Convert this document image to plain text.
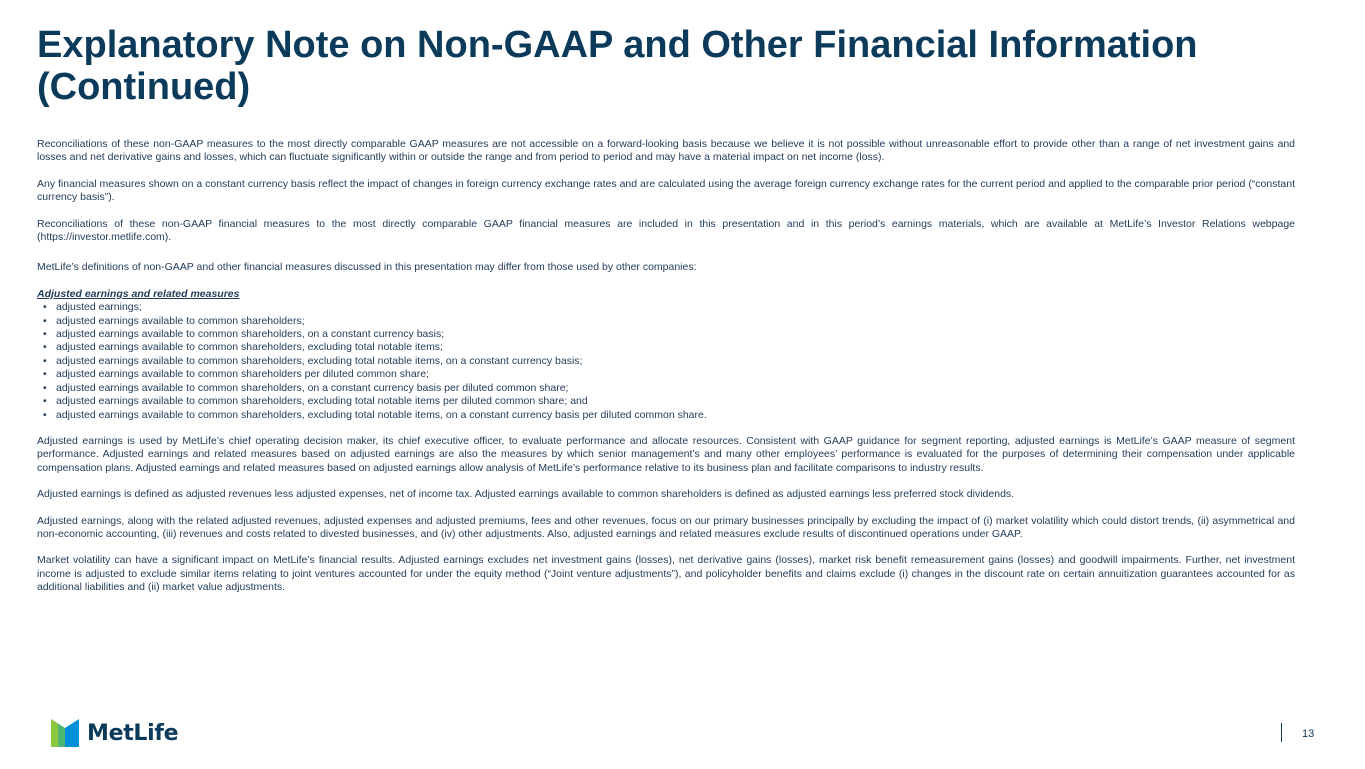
Explanatory Note on Non-GAAP and Other Financial Information (Continued)

Reconciliations of these non-GAAP measures to the most directly comparable GAAP measures are not accessible on a forward-looking basis because we believe it is not possible without unreasonable effort to provide other than a range of net investment gains and losses and net derivative gains and losses, which can fluctuate significantly within or outside the range and from period to period and may have a material impact on net income (loss).

Any financial measures shown on a constant currency basis reflect the impact of changes in foreign currency exchange rates and are calculated using the average foreign currency exchange rates for the current period and applied to the comparable prior period (“constant currency basis”).

Reconciliations of these non-GAAP financial measures to the most directly comparable GAAP financial measures are included in this presentation and in this period’s earnings materials, which are available at MetLife’s Investor Relations webpage (https://investor.metlife.com).

MetLife’s definitions of non-GAAP and other financial measures discussed in this presentation may differ from those used by other companies:

Adjusted earnings and related measures

• adjusted earnings;
• adjusted earnings available to common shareholders;
• adjusted earnings available to common shareholders, on a constant currency basis;
• adjusted earnings available to common shareholders, excluding total notable items;
• adjusted earnings available to common shareholders, excluding total notable items, on a constant currency basis;
• adjusted earnings available to common shareholders per diluted common share;
• adjusted earnings available to common shareholders, on a constant currency basis per diluted common share;
• adjusted earnings available to common shareholders, excluding total notable items per diluted common share; and
• adjusted earnings available to common shareholders, excluding total notable items, on a constant currency basis per diluted common share.

Adjusted earnings is used by MetLife’s chief operating decision maker, its chief executive officer, to evaluate performance and allocate resources. Consistent with GAAP guidance for segment reporting, adjusted earnings is MetLife’s GAAP measure of segment performance. Adjusted earnings and related measures based on adjusted earnings are also the measures by which senior management’s and many other employees’ performance is evaluated for the purposes of determining their compensation under applicable compensation plans. Adjusted earnings and related measures based on adjusted earnings allow analysis of MetLife’s performance relative to its business plan and facilitate comparisons to industry results.

Adjusted earnings is defined as adjusted revenues less adjusted expenses, net of income tax. Adjusted earnings available to common shareholders is defined as adjusted earnings less preferred stock dividends.

Adjusted earnings, along with the related adjusted revenues, adjusted expenses and adjusted premiums, fees and other revenues, focus on our primary businesses principally by excluding the impact of (i) market volatility which could distort trends, (ii) asymmetrical and non-economic accounting, (iii) revenues and costs related to divested businesses, and (iv) other adjustments. Also, adjusted earnings and related measures exclude results of discontinued operations under GAAP.

Market volatility can have a significant impact on MetLife’s financial results. Adjusted earnings excludes net investment gains (losses), net derivative gains (losses), market risk benefit remeasurement gains (losses) and goodwill impairments. Further, net investment income is adjusted to exclude similar items relating to joint ventures accounted for under the equity method (“Joint venture adjustments”), and policyholder benefits and claims exclude (i) changes in the discount rate on certain annuitization guarantees accounted for as additional liabilities and (ii) market value adjustments.

MetLife	13
